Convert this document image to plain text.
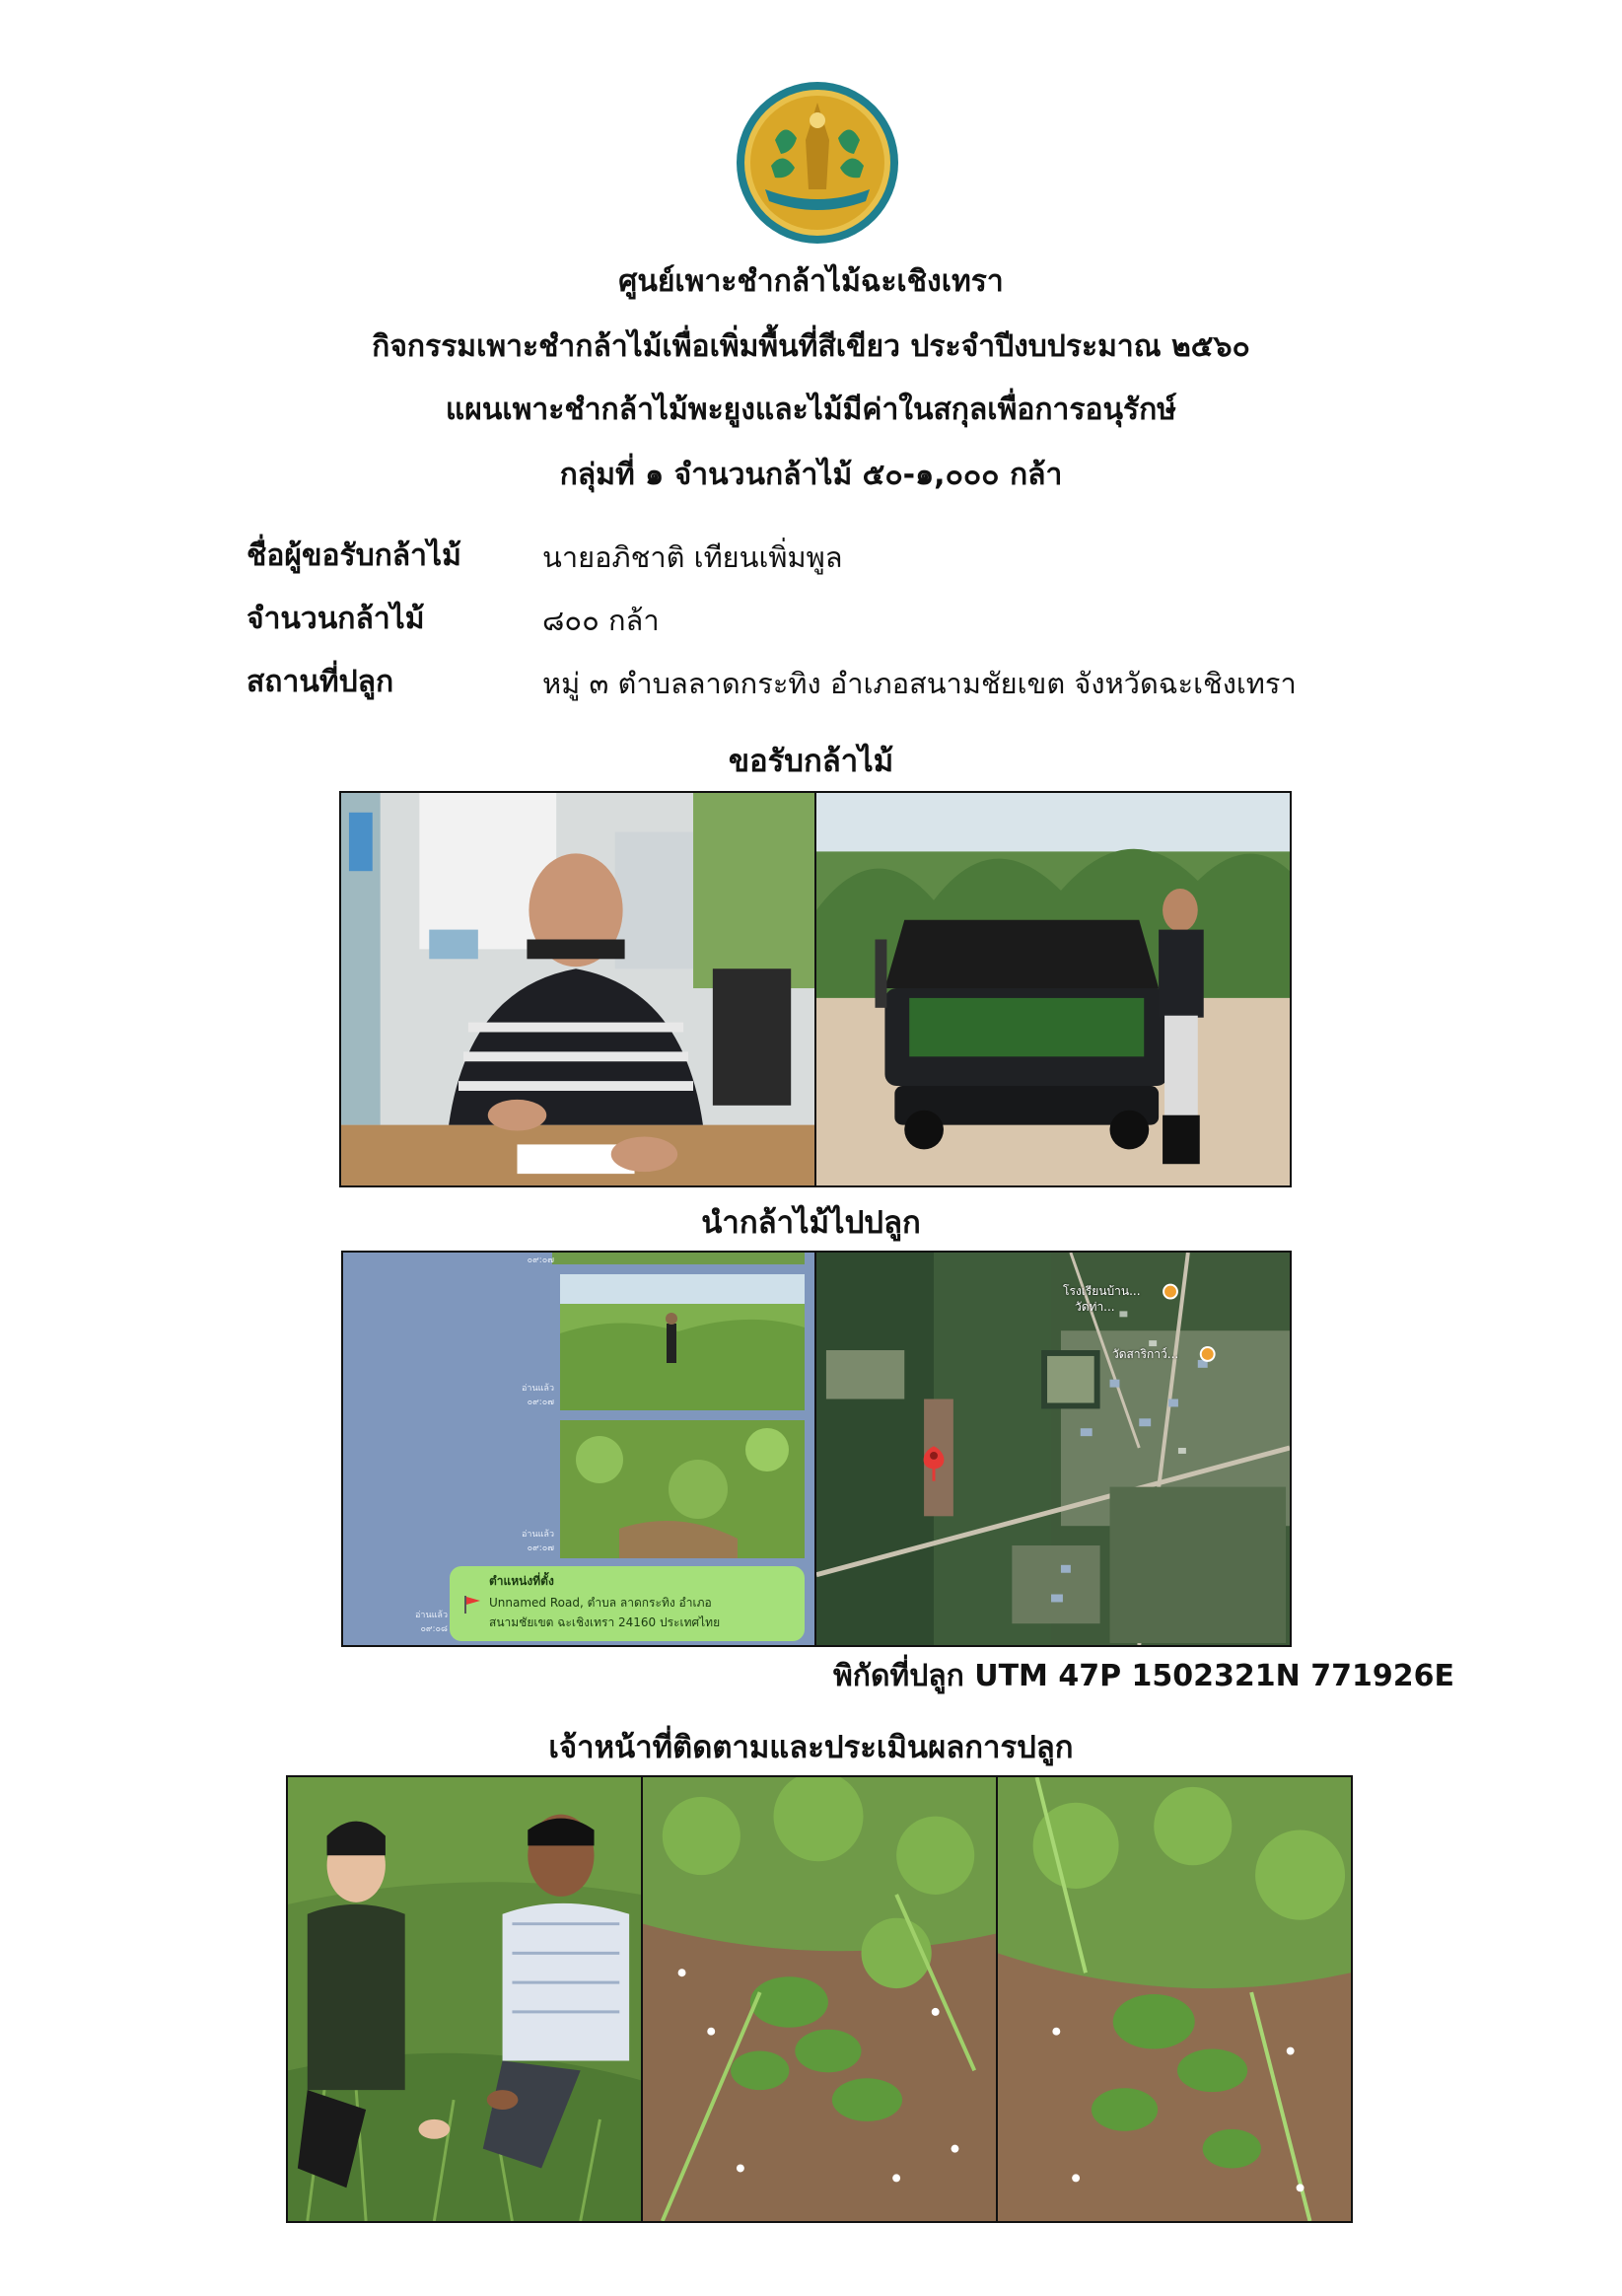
ศูนย์เพาะชำกล้าไม้ฉะเชิงเทรา
กิจกรรมเพาะชำกล้าไม้เพื่อเพิ่มพื้นที่สีเขียว ประจำปีงบประมาณ ๒๕๖๐
แผนเพาะชำกล้าไม้พะยูงและไม้มีค่าในสกุลเพื่อการอนุรักษ์
กลุ่มที่ ๑ จำนวนกล้าไม้ ๕๐-๑,๐๐๐ กล้า
ชื่อผู้ขอรับกล้าไม้	นายอภิชาติ เทียนเพิ่มพูล
จำนวนกล้าไม้	๘๐๐ กล้า
สถานที่ปลูก	หมู่ ๓ ตำบลลาดกระทิง อำเภอสนามชัยเขต จังหวัดฉะเชิงเทรา
ขอรับกล้าไม้
นำกล้าไม้ไปปลูก
อ่านแล้ว
๐๙:๐๗
อ่านแล้ว
๐๙:๐๗
๐๙:๐๗
อ่านแล้ว
๐๙:๐๘
ตำแหน่งที่ตั้ง
Unnamed Road, ตำบล ลาดกระทิง อำเภอ
สนามชัยเขต ฉะเชิงเทรา 24160 ประเทศไทย
โรงเรียนบ้าน...
วัดท่า...
วัดสาริกาว์...
พิกัดที่ปลูก UTM 47P 1502321N 771926E
เจ้าหน้าที่ติดตามและประเมินผลการปลูก
